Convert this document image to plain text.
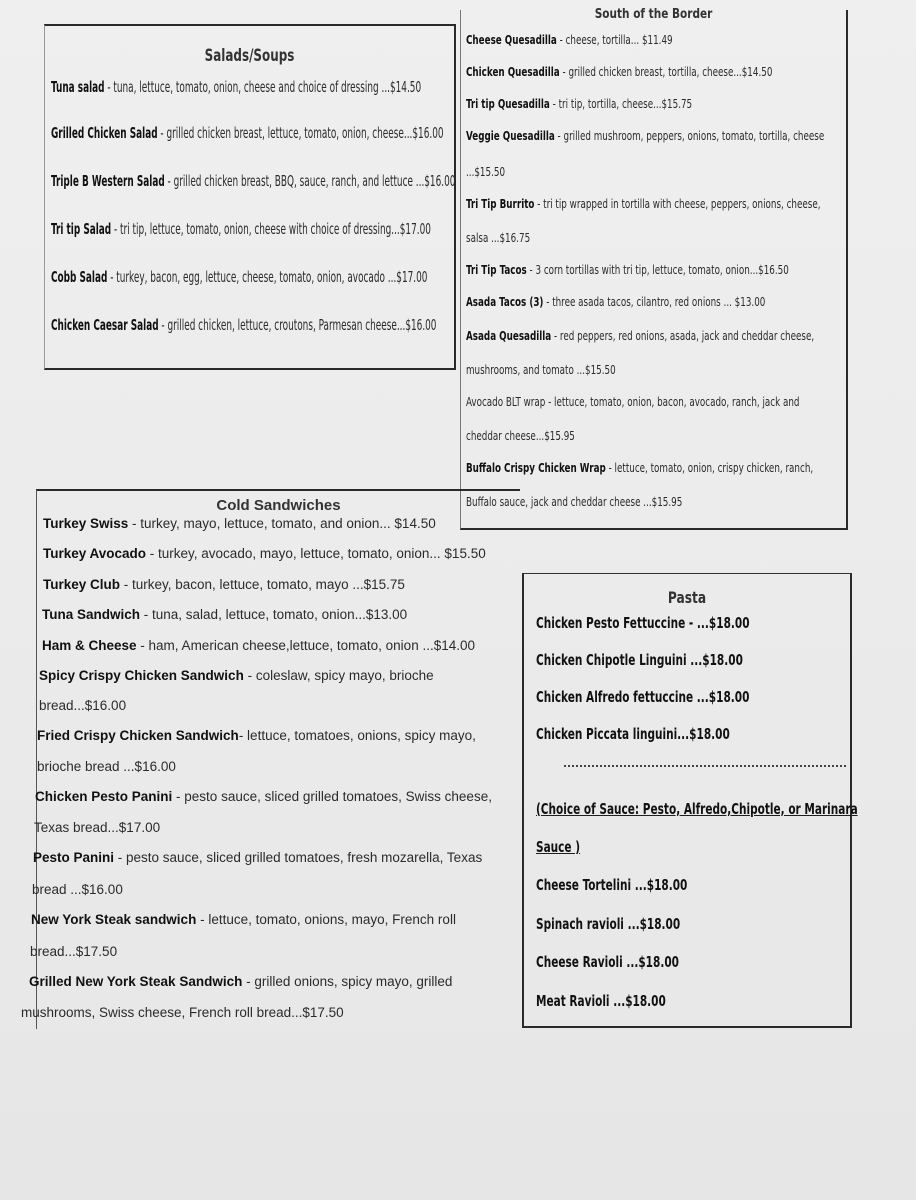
Salads/Soups
Tuna salad - tuna, lettuce, tomato, onion, cheese and choice of dressing ...$14.50
Grilled Chicken Salad - grilled chicken breast, lettuce, tomato, onion, cheese...$16.00
Triple B Western Salad - grilled chicken breast, BBQ, sauce, ranch, and lettuce ...$16.00
Tri tip Salad - tri tip, lettuce, tomato, onion, cheese with choice of dressing...$17.00
Cobb Salad - turkey, bacon, egg, lettuce, cheese, tomato, onion, avocado ...$17.00
Chicken Caesar Salad - grilled chicken, lettuce, croutons, Parmesan cheese...$16.00
South of the Border
Cheese Quesadilla - cheese, tortilla... $11.49
Chicken Quesadilla - grilled chicken breast, tortilla, cheese...$14.50
Tri tip Quesadilla - tri tip, tortilla, cheese...$15.75
Veggie Quesadilla - grilled mushroom, peppers, onions, tomato, tortilla, cheese
...$15.50
Tri Tip Burrito - tri tip wrapped in tortilla with cheese, peppers, onions, cheese,
salsa ...$16.75
Tri Tip Tacos - 3 corn tortillas with tri tip, lettuce, tomato, onion...$16.50
Asada Tacos (3) - three asada tacos, cilantro, red onions ... $13.00
Asada Quesadilla - red peppers, red onions, asada, jack and cheddar cheese,
mushrooms, and tomato ...$15.50
Avocado BLT wrap - lettuce, tomato, onion, bacon, avocado, ranch, jack and
cheddar cheese...$15.95
Buffalo Crispy Chicken Wrap - lettuce, tomato, onion, crispy chicken, ranch,
Buffalo sauce, jack and cheddar cheese ...$15.95
Cold Sandwiches
Turkey Swiss - turkey, mayo, lettuce, tomato, and onion... $14.50
Turkey Avocado - turkey, avocado, mayo, lettuce, tomato, onion... $15.50
Turkey Club - turkey, bacon, lettuce, tomato, mayo ...$15.75
Tuna Sandwich - tuna, salad, lettuce, tomato, onion...$13.00
Ham & Cheese - ham, American cheese,lettuce, tomato, onion ...$14.00
Spicy Crispy Chicken Sandwich - coleslaw, spicy mayo, brioche
bread...$16.00
Fried Crispy Chicken Sandwich- lettuce, tomatoes, onions, spicy mayo,
brioche bread ...$16.00
Chicken Pesto Panini - pesto sauce, sliced grilled tomatoes, Swiss cheese,
Texas bread...$17.00
Pesto Panini - pesto sauce, sliced grilled tomatoes, fresh mozarella, Texas
bread ...$16.00
New York Steak sandwich - lettuce, tomato, onions, mayo, French roll
bread...$17.50
Grilled New York Steak Sandwich - grilled onions, spicy mayo, grilled
mushrooms, Swiss cheese, French roll bread...$17.50
Pasta
Chicken Pesto Fettuccine - ...$18.00
Chicken Chipotle Linguini ...$18.00
Chicken Alfredo fettuccine ...$18.00
Chicken Piccata linguini...$18.00
(Choice of Sauce: Pesto, Alfredo,Chipotle, or Marinara
Sauce )
Cheese Tortelini ...$18.00
Spinach ravioli ...$18.00
Cheese Ravioli ...$18.00
Meat Ravioli ...$18.00
